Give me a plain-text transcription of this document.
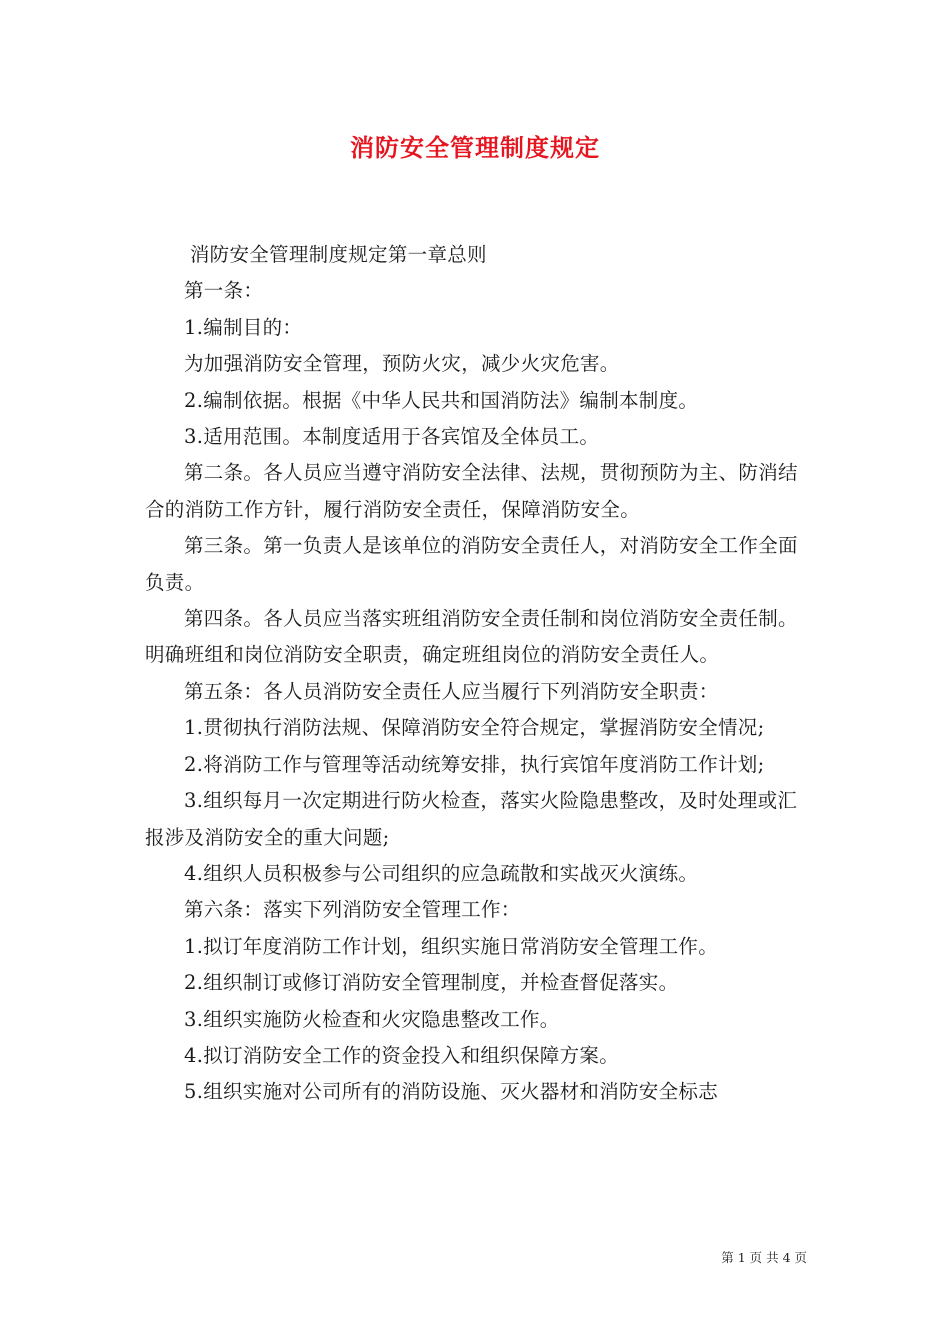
消防安全管理制度规定

消防安全管理制度规定第一章总则

第一条：

1.编制目的：

为加强消防安全管理，预防火灾，减少火灾危害。

2.编制依据。根据《中华人民共和国消防法》编制本制度。

3.适用范围。本制度适用于各宾馆及全体员工。

第二条。各人员应当遵守消防安全法律、法规，贯彻预防为主、防消结合的消防工作方针，履行消防安全责任，保障消防安全。

第三条。第一负责人是该单位的消防安全责任人，对消防安全工作全面负责。

第四条。各人员应当落实班组消防安全责任制和岗位消防安全责任制。明确班组和岗位消防安全职责，确定班组岗位的消防安全责任人。

第五条：各人员消防安全责任人应当履行下列消防安全职责：

1.贯彻执行消防法规、保障消防安全符合规定，掌握消防安全情况;

2.将消防工作与管理等活动统筹安排，执行宾馆年度消防工作计划;

3.组织每月一次定期进行防火检查，落实火险隐患整改，及时处理或汇报涉及消防安全的重大问题;

4.组织人员积极参与公司组织的应急疏散和实战灭火演练。

第六条：落实下列消防安全管理工作：

1.拟订年度消防工作计划，组织实施日常消防安全管理工作。

2.组织制订或修订消防安全管理制度，并检查督促落实。

3.组织实施防火检查和火灾隐患整改工作。

4.拟订消防安全工作的资金投入和组织保障方案。

5.组织实施对公司所有的消防设施、灭火器材和消防安全标志

第 1 页 共 4 页
